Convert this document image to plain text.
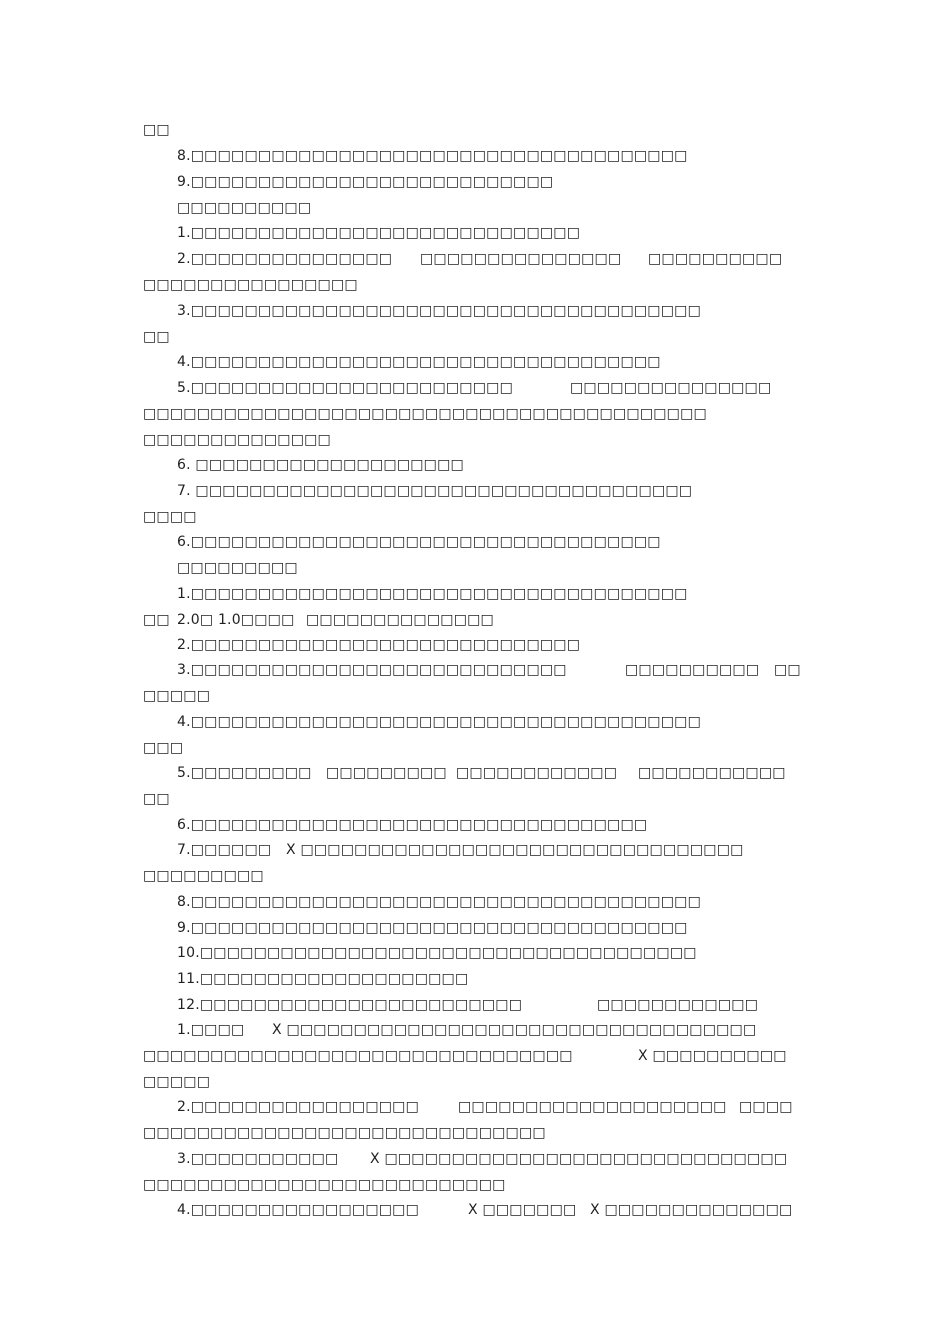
□□
8.□□□□□□□□□□□□□□□□□□□□□□□□□□□□□□□□□□□□□
9.□□□□□□□□□□□□□□□□□□□□□□□□□□□
□□□□□□□□□□
1.□□□□□□□□□□□□□□□□□□□□□□□□□□□□□
2.□□□□□□□□□□□□□□□ □□□□□□□□□□□□□□□ □□□□□□□□□□
□□□□□□□□□□□□□□□□
3.□□□□□□□□□□□□□□□□□□□□□□□□□□□□□□□□□□□□□□
□□
4.□□□□□□□□□□□□□□□□□□□□□□□□□□□□□□□□□□□
5.□□□□□□□□□□□□□□□□□□□□□□□□	□□□□□□□□□□□□□□□
□□□□□□□□□□□□□□□□□□□□□□□□□□□□□□□□□□□□□□□□□□
□□□□□□□□□□□□□□
6. □□□□□□□□□□□□□□□□□□□□
7. □□□□□□□□□□□□□□□□□□□□□□□□□□□□□□□□□□□□□
□□□□
6.□□□□□□□□□□□□□□□□□□□□□□□□□□□□□□□□□□□
□□□□□□□□□
1.□□□□□□□□□□□□□□□□□□□□□□□□□□□□□□□□□□□□□
□□ 2.0□ 1.0□□□□ □□□□□□□□□□□□□□
2.□□□□□□□□□□□□□□□□□□□□□□□□□□□□□
3.□□□□□□□□□□□□□□□□□□□□□□□□□□□□	□□□□□□□□□□ □□
□□□□□
4.□□□□□□□□□□□□□□□□□□□□□□□□□□□□□□□□□□□□□□
□□□
5.□□□□□□□□□ □□□□□□□□□ □□□□□□□□□□□□ □□□□□□□□□□□
□□
6.□□□□□□□□□□□□□□□□□□□□□□□□□□□□□□□□□□
7.□□□□□□ X □□□□□□□□□□□□□□□□□□□□□□□□□□□□□□□□□
□□□□□□□□□
8.□□□□□□□□□□□□□□□□□□□□□□□□□□□□□□□□□□□□□□
9.□□□□□□□□□□□□□□□□□□□□□□□□□□□□□□□□□□□□□
10.□□□□□□□□□□□□□□□□□□□□□□□□□□□□□□□□□□□□□
11.□□□□□□□□□□□□□□□□□□□□
12.□□□□□□□□□□□□□□□□□□□□□□□□	□□□□□□□□□□□□
1.□□□□ X □□□□□□□□□□□□□□□□□□□□□□□□□□□□□□□□□□□
□□□□□□□□□□□□□□□□□□□□□□□□□□□□□□□□	X □□□□□□□□□□
□□□□□
2.□□□□□□□□□□□□□□□□□	□□□□□□□□□□□□□□□□□□□□ □□□□
□□□□□□□□□□□□□□□□□□□□□□□□□□□□□□
3.□□□□□□□□□□□ X □□□□□□□□□□□□□□□□□□□□□□□□□□□□□□
□□□□□□□□□□□□□□□□□□□□□□□□□□□
4.□□□□□□□□□□□□□□□□□	X □□□□□□□ X □□□□□□□□□□□□□□
